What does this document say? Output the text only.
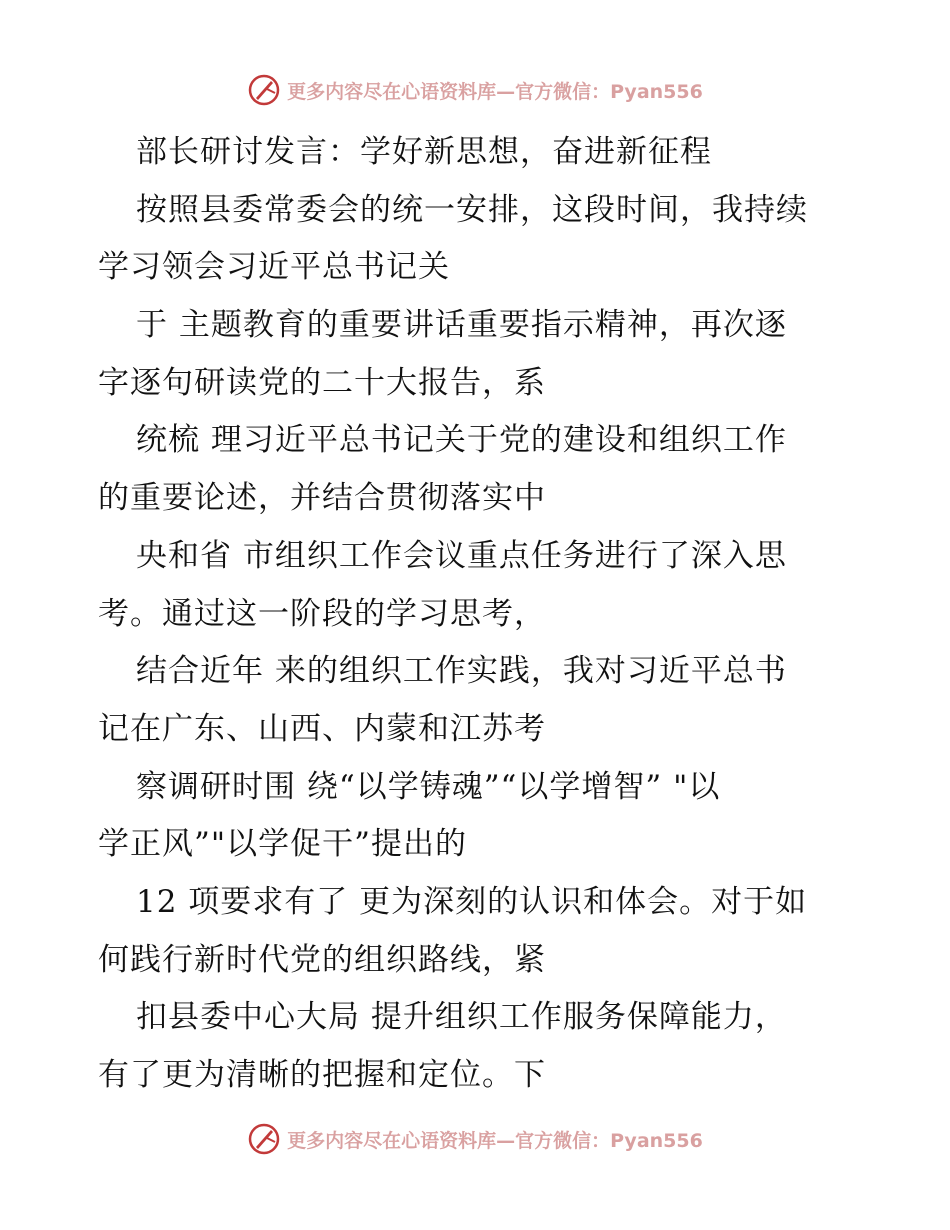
更多内容尽在心语资料库—官方微信：Pyan556
部长研讨发言：学好新思想，奋进新征程
按照县委常委会的统一安排，这段时间，我持续
学习领会习近平总书记关
于 主题教育的重要讲话重要指示精神，再次逐
字逐句研读党的二十大报告，系
统梳 理习近平总书记关于党的建设和组织工作
的重要论述，并结合贯彻落实中
央和省 市组织工作会议重点任务进行了深入思
考。通过这一阶段的学习思考，
结合近年 来的组织工作实践，我对习近平总书
记在广东、山西、内蒙和江苏考
察调研时围 绕“以学铸魂”“以学增智” "以
学正风”"以学促干”提出的
12 项要求有了 更为深刻的认识和体会。对于如
何践行新时代党的组织路线，紧
扣县委中心大局 提升组织工作服务保障能力，
有了更为清晰的把握和定位。下
更多内容尽在心语资料库—官方微信：Pyan556
